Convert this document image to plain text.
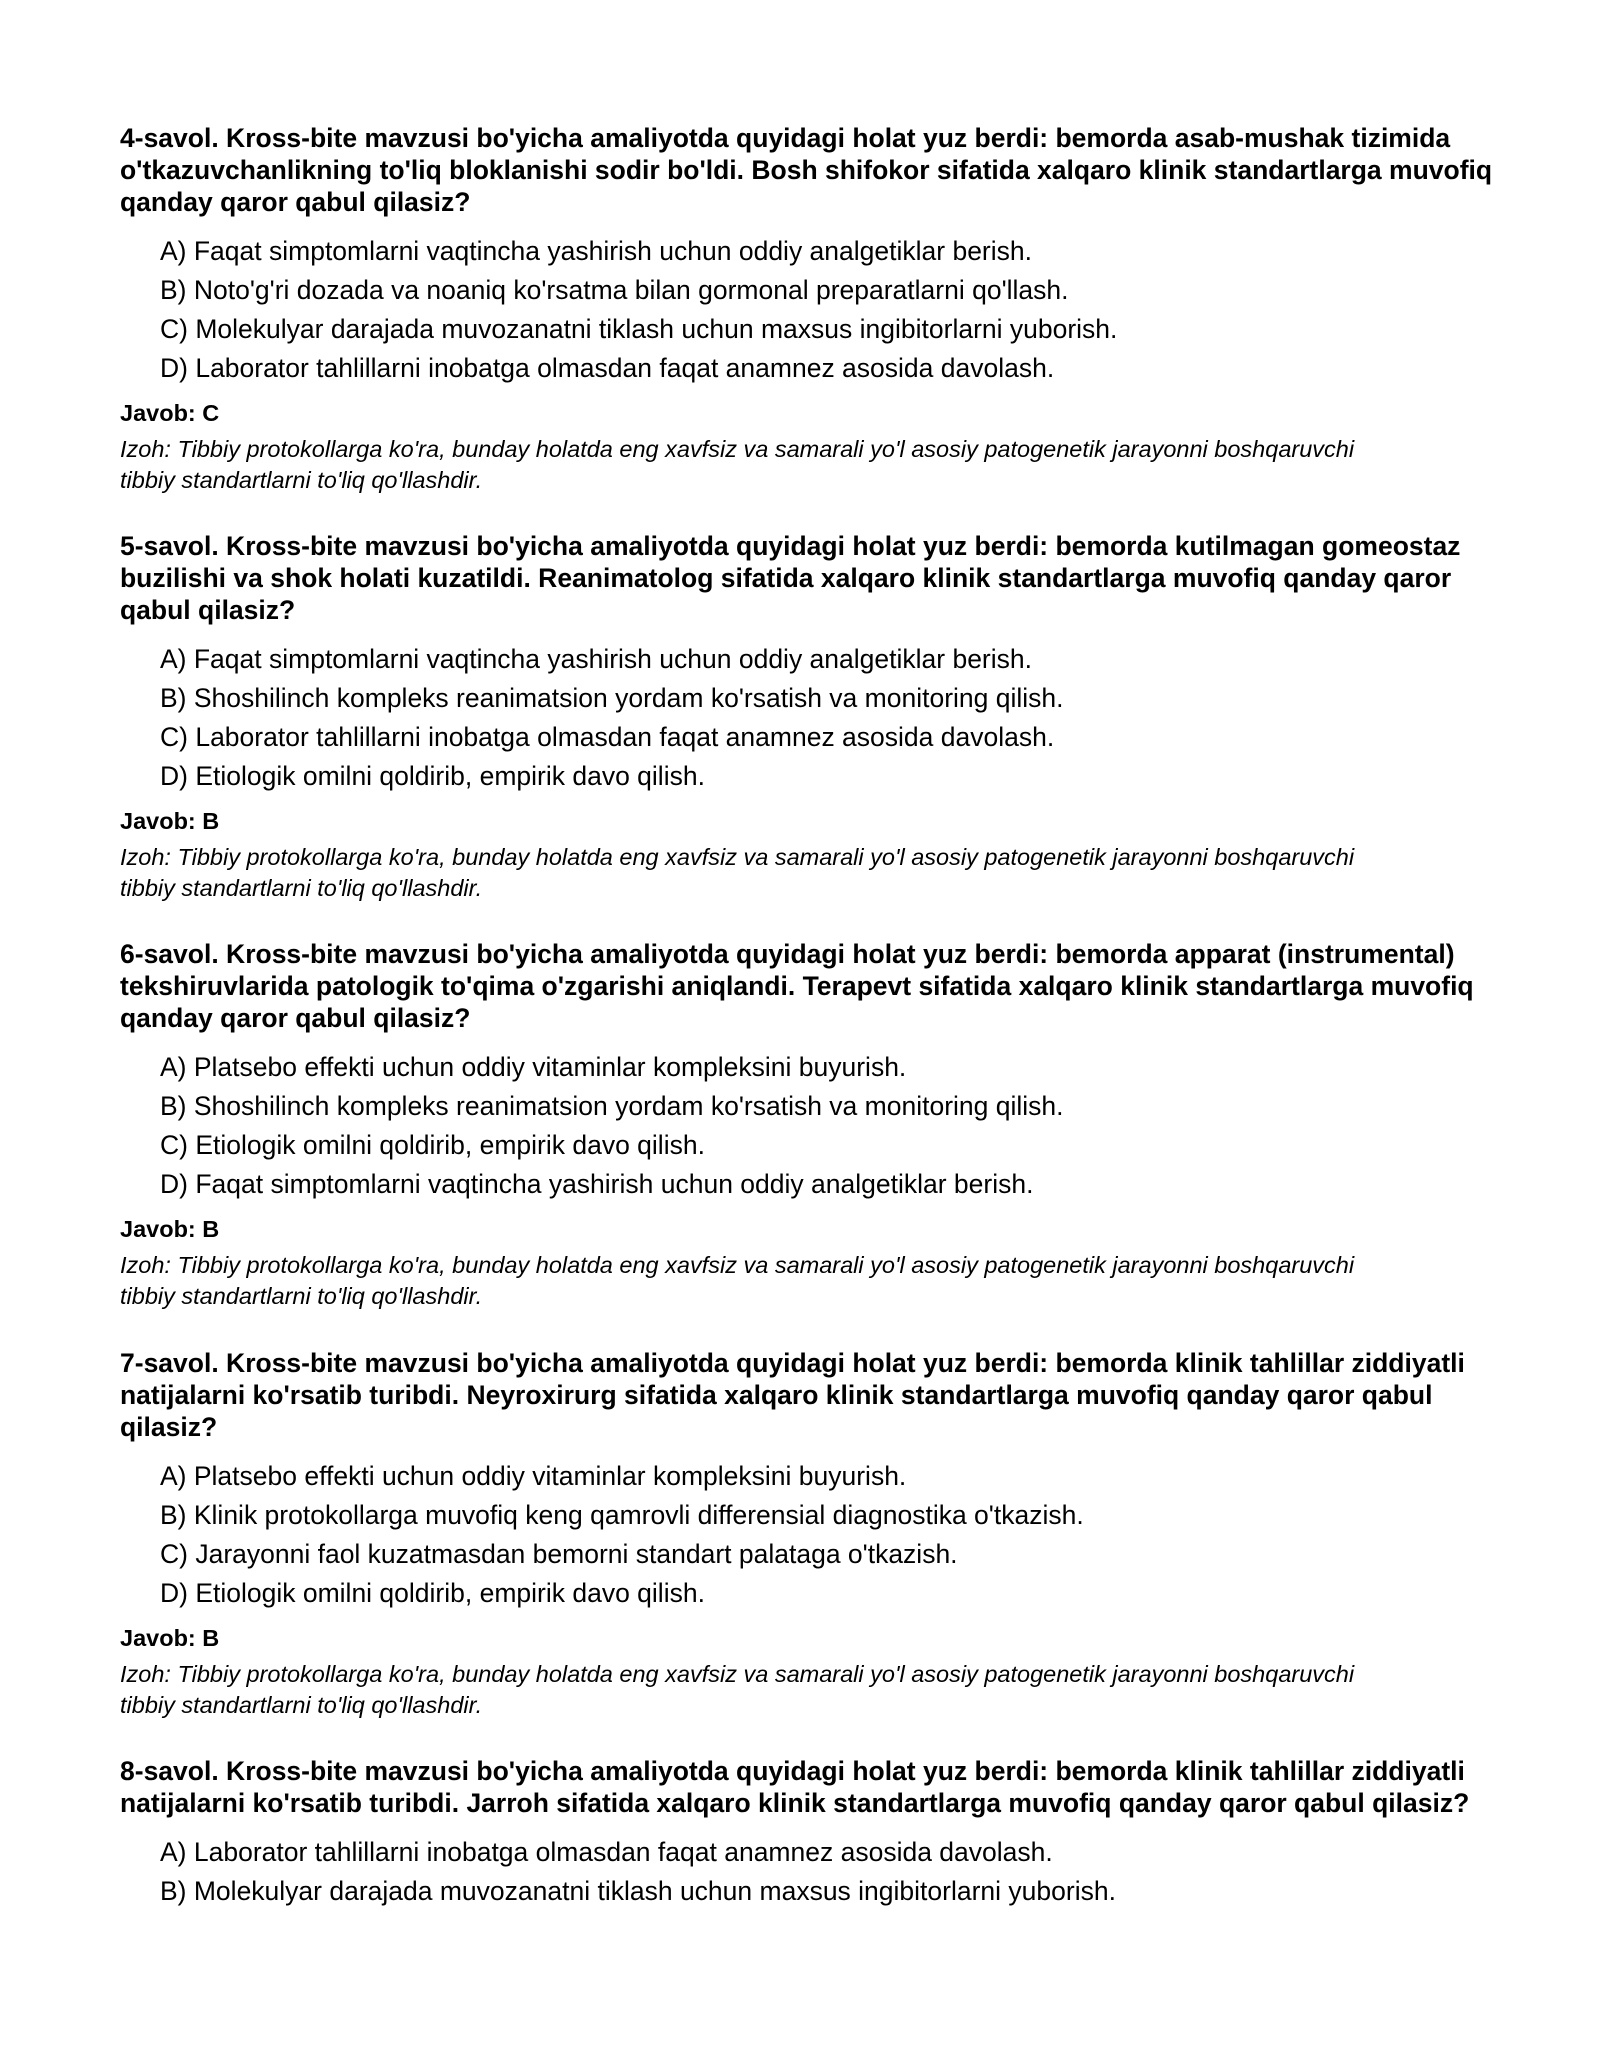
4-savol. Kross-bite mavzusi bo'yicha amaliyotda quyidagi holat yuz berdi: bemorda asab-mushak tizimida o'tkazuvchanlikning to'liq bloklanishi sodir bo'ldi. Bosh shifokor sifatida xalqaro klinik standartlarga muvofiq qanday qaror qabul qilasiz?

A) Faqat simptomlarni vaqtincha yashirish uchun oddiy analgetiklar berish.
B) Noto'g'ri dozada va noaniq ko'rsatma bilan gormonal preparatlarni qo'llash.
C) Molekulyar darajada muvozanatni tiklash uchun maxsus ingibitorlarni yuborish.
D) Laborator tahlillarni inobatga olmasdan faqat anamnez asosida davolash.
Javob: C
Izoh: Tibbiy protokollarga ko'ra, bunday holatda eng xavfsiz va samarali yo'l asosiy patogenetik jarayonni boshqaruvchi tibbiy standartlarni to'liq qo'llashdir.

5-savol. Kross-bite mavzusi bo'yicha amaliyotda quyidagi holat yuz berdi: bemorda kutilmagan gomeostaz buzilishi va shok holati kuzatildi. Reanimatolog sifatida xalqaro klinik standartlarga muvofiq qanday qaror qabul qilasiz?

A) Faqat simptomlarni vaqtincha yashirish uchun oddiy analgetiklar berish.
B) Shoshilinch kompleks reanimatsion yordam ko'rsatish va monitoring qilish.
C) Laborator tahlillarni inobatga olmasdan faqat anamnez asosida davolash.
D) Etiologik omilni qoldirib, empirik davo qilish.
Javob: B
Izoh: Tibbiy protokollarga ko'ra, bunday holatda eng xavfsiz va samarali yo'l asosiy patogenetik jarayonni boshqaruvchi tibbiy standartlarni to'liq qo'llashdir.

6-savol. Kross-bite mavzusi bo'yicha amaliyotda quyidagi holat yuz berdi: bemorda apparat (instrumental) tekshiruvlarida patologik to'qima o'zgarishi aniqlandi. Terapevt sifatida xalqaro klinik standartlarga muvofiq qanday qaror qabul qilasiz?

A) Platsebo effekti uchun oddiy vitaminlar kompleksini buyurish.
B) Shoshilinch kompleks reanimatsion yordam ko'rsatish va monitoring qilish.
C) Etiologik omilni qoldirib, empirik davo qilish.
D) Faqat simptomlarni vaqtincha yashirish uchun oddiy analgetiklar berish.
Javob: B
Izoh: Tibbiy protokollarga ko'ra, bunday holatda eng xavfsiz va samarali yo'l asosiy patogenetik jarayonni boshqaruvchi tibbiy standartlarni to'liq qo'llashdir.

7-savol. Kross-bite mavzusi bo'yicha amaliyotda quyidagi holat yuz berdi: bemorda klinik tahlillar ziddiyatli natijalarni ko'rsatib turibdi. Neyroxirurg sifatida xalqaro klinik standartlarga muvofiq qanday qaror qabul qilasiz?

A) Platsebo effekti uchun oddiy vitaminlar kompleksini buyurish.
B) Klinik protokollarga muvofiq keng qamrovli differensial diagnostika o'tkazish.
C) Jarayonni faol kuzatmasdan bemorni standart palataga o'tkazish.
D) Etiologik omilni qoldirib, empirik davo qilish.
Javob: B
Izoh: Tibbiy protokollarga ko'ra, bunday holatda eng xavfsiz va samarali yo'l asosiy patogenetik jarayonni boshqaruvchi tibbiy standartlarni to'liq qo'llashdir.

8-savol. Kross-bite mavzusi bo'yicha amaliyotda quyidagi holat yuz berdi: bemorda klinik tahlillar ziddiyatli natijalarni ko'rsatib turibdi. Jarroh sifatida xalqaro klinik standartlarga muvofiq qanday qaror qabul qilasiz?

A) Laborator tahlillarni inobatga olmasdan faqat anamnez asosida davolash.
B) Molekulyar darajada muvozanatni tiklash uchun maxsus ingibitorlarni yuborish.
